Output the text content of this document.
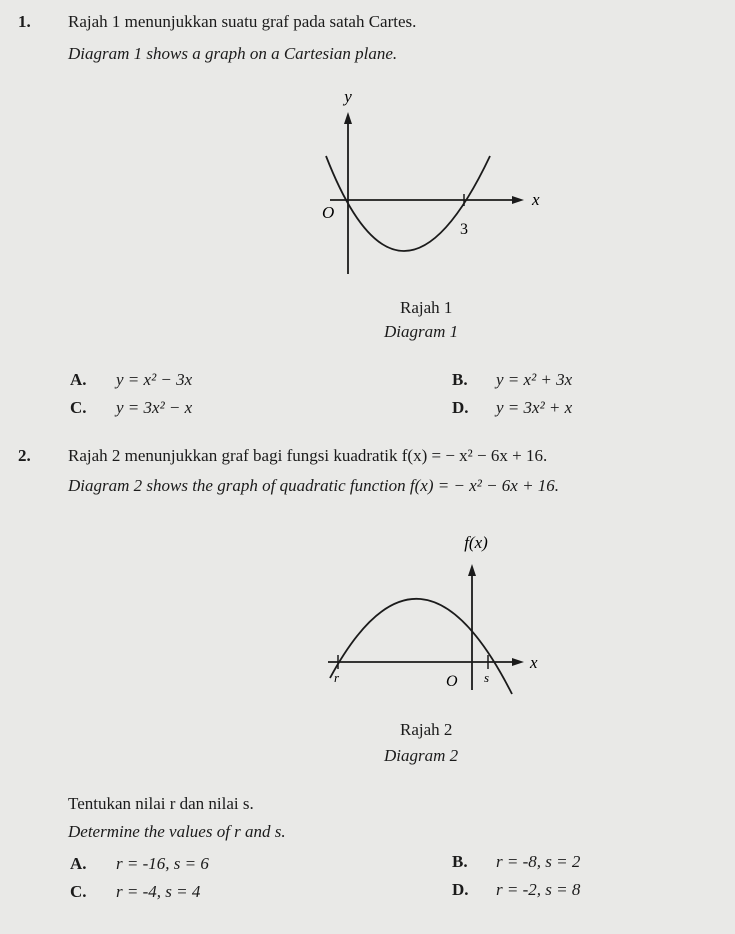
1. Rajah 1 menunjukkan suatu graf pada satah Cartes.
Diagram 1 shows a graph on a Cartesian plane.
y
x
O
3
Rajah 1
Diagram 1
A. y = x² − 3x	B. y = x² + 3x
C. y = 3x² − x	D. y = 3x² + x
2. Rajah 2 menunjukkan graf bagi fungsi kuadratik f(x) = − x² − 6x + 16.
Diagram 2 shows the graph of quadratic function f(x) = − x² − 6x + 16.
f(x)
x
O
r	s
Rajah 2
Diagram 2
Tentukan nilai r dan nilai s.
Determine the values of r and s.
A. r = -16, s = 6	B. r = -8, s = 2
C. r = -4, s = 4	D. r = -2, s = 8
